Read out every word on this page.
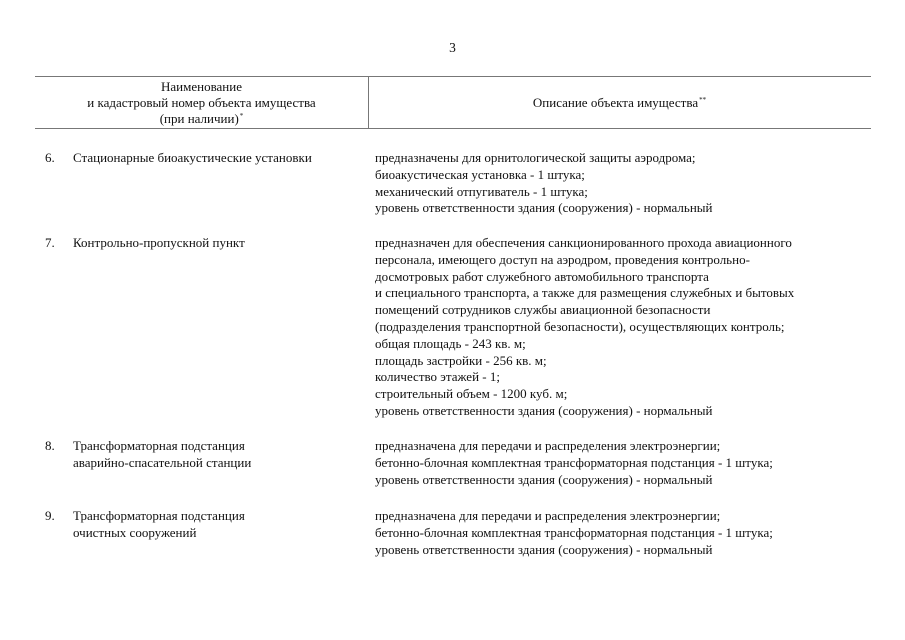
3
Наименование
и кадастровый номер объекта имущества
(при наличии)*
Описание объекта имущества**
6. Стационарные биоакустические установки	предназначены для орнитологической защиты аэродрома;
биоакустическая установка - 1 штука;
механический отпугиватель - 1 штука;
уровень ответственности здания (сооружения) - нормальный
7. Контрольно-пропускной пункт	предназначен для обеспечения санкционированного прохода авиационного
персонала, имеющего доступ на аэродром, проведения контрольно-
досмотровых работ служебного автомобильного транспорта
и специального транспорта, а также для размещения служебных и бытовых
помещений сотрудников службы авиационной безопасности
(подразделения транспортной безопасности), осуществляющих контроль;
общая площадь - 243 кв. м;
площадь застройки - 256 кв. м;
количество этажей - 1;
строительный объем - 1200 куб. м;
уровень ответственности здания (сооружения) - нормальный
8. Трансформаторная подстанция
аварийно-спасательной станции
предназначена для передачи и распределения электроэнергии;
бетонно-блочная комплектная трансформаторная подстанция - 1 штука;
уровень ответственности здания (сооружения) - нормальный
9. Трансформаторная подстанция
очистных сооружений
предназначена для передачи и распределения электроэнергии;
бетонно-блочная комплектная трансформаторная подстанция - 1 штука;
уровень ответственности здания (сооружения) - нормальный
